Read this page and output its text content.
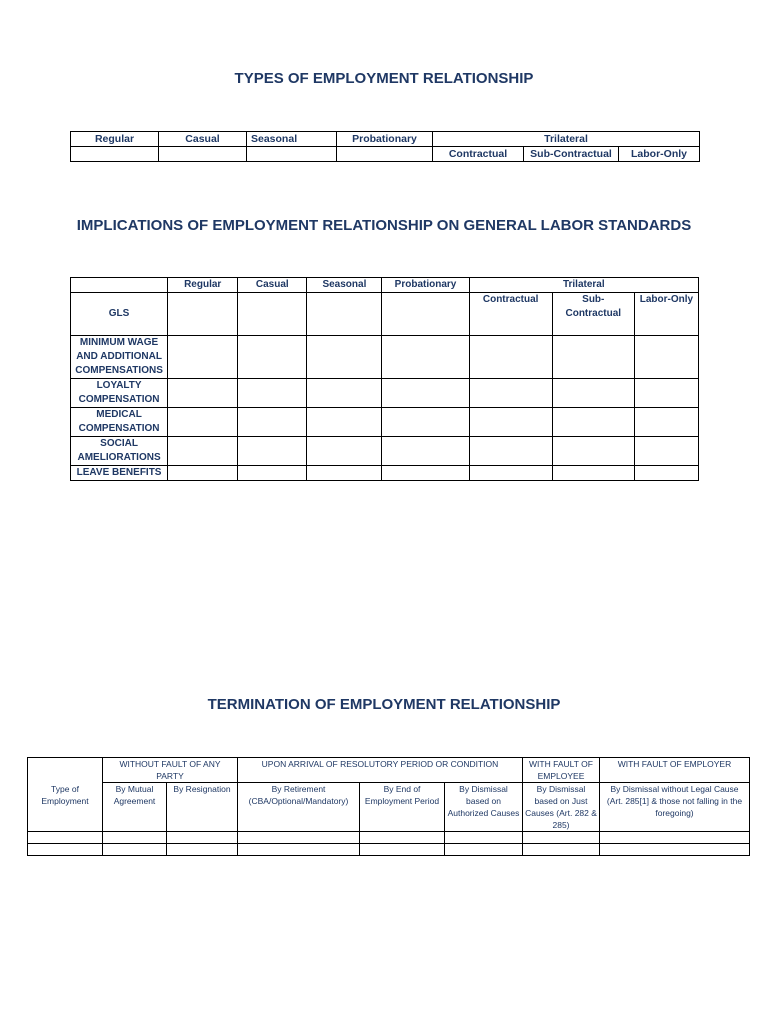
TYPES OF EMPLOYMENT RELATIONSHIP
Regular	Casual	Seasonal	Probationary	Trilateral		
				Contractual	Sub-Contractual	Labor-Only
IMPLICATIONS OF EMPLOYMENT RELATIONSHIP ON GENERAL LABOR STANDARDS
	Regular	Casual	Seasonal	Probationary	Trilateral		
GLS					Contractual	Sub-Contractual	Labor-Only
MINIMUM WAGE AND ADDITIONAL COMPENSATIONS							
LOYALTY COMPENSATION							
MEDICAL COMPENSATION							
SOCIAL AMELIORATIONS							
LEAVE BENEFITS							
TERMINATION OF EMPLOYMENT RELATIONSHIP
Type of Employment	WITHOUT FAULT OF ANY PARTY		UPON ARRIVAL OF RESOLUTORY PERIOD OR CONDITION			WITH FAULT OF EMPLOYEE	WITH FAULT OF EMPLOYER
	By Mutual Agreement	By Resignation	By Retirement (CBA/Optional/Mandatory)	By End of Employment Period	By Dismissal based on Authorized Causes	By Dismissal based on Just Causes (Art. 282 & 285)	By Dismissal without Legal Cause (Art. 285[1] & those not falling in the foregoing)
